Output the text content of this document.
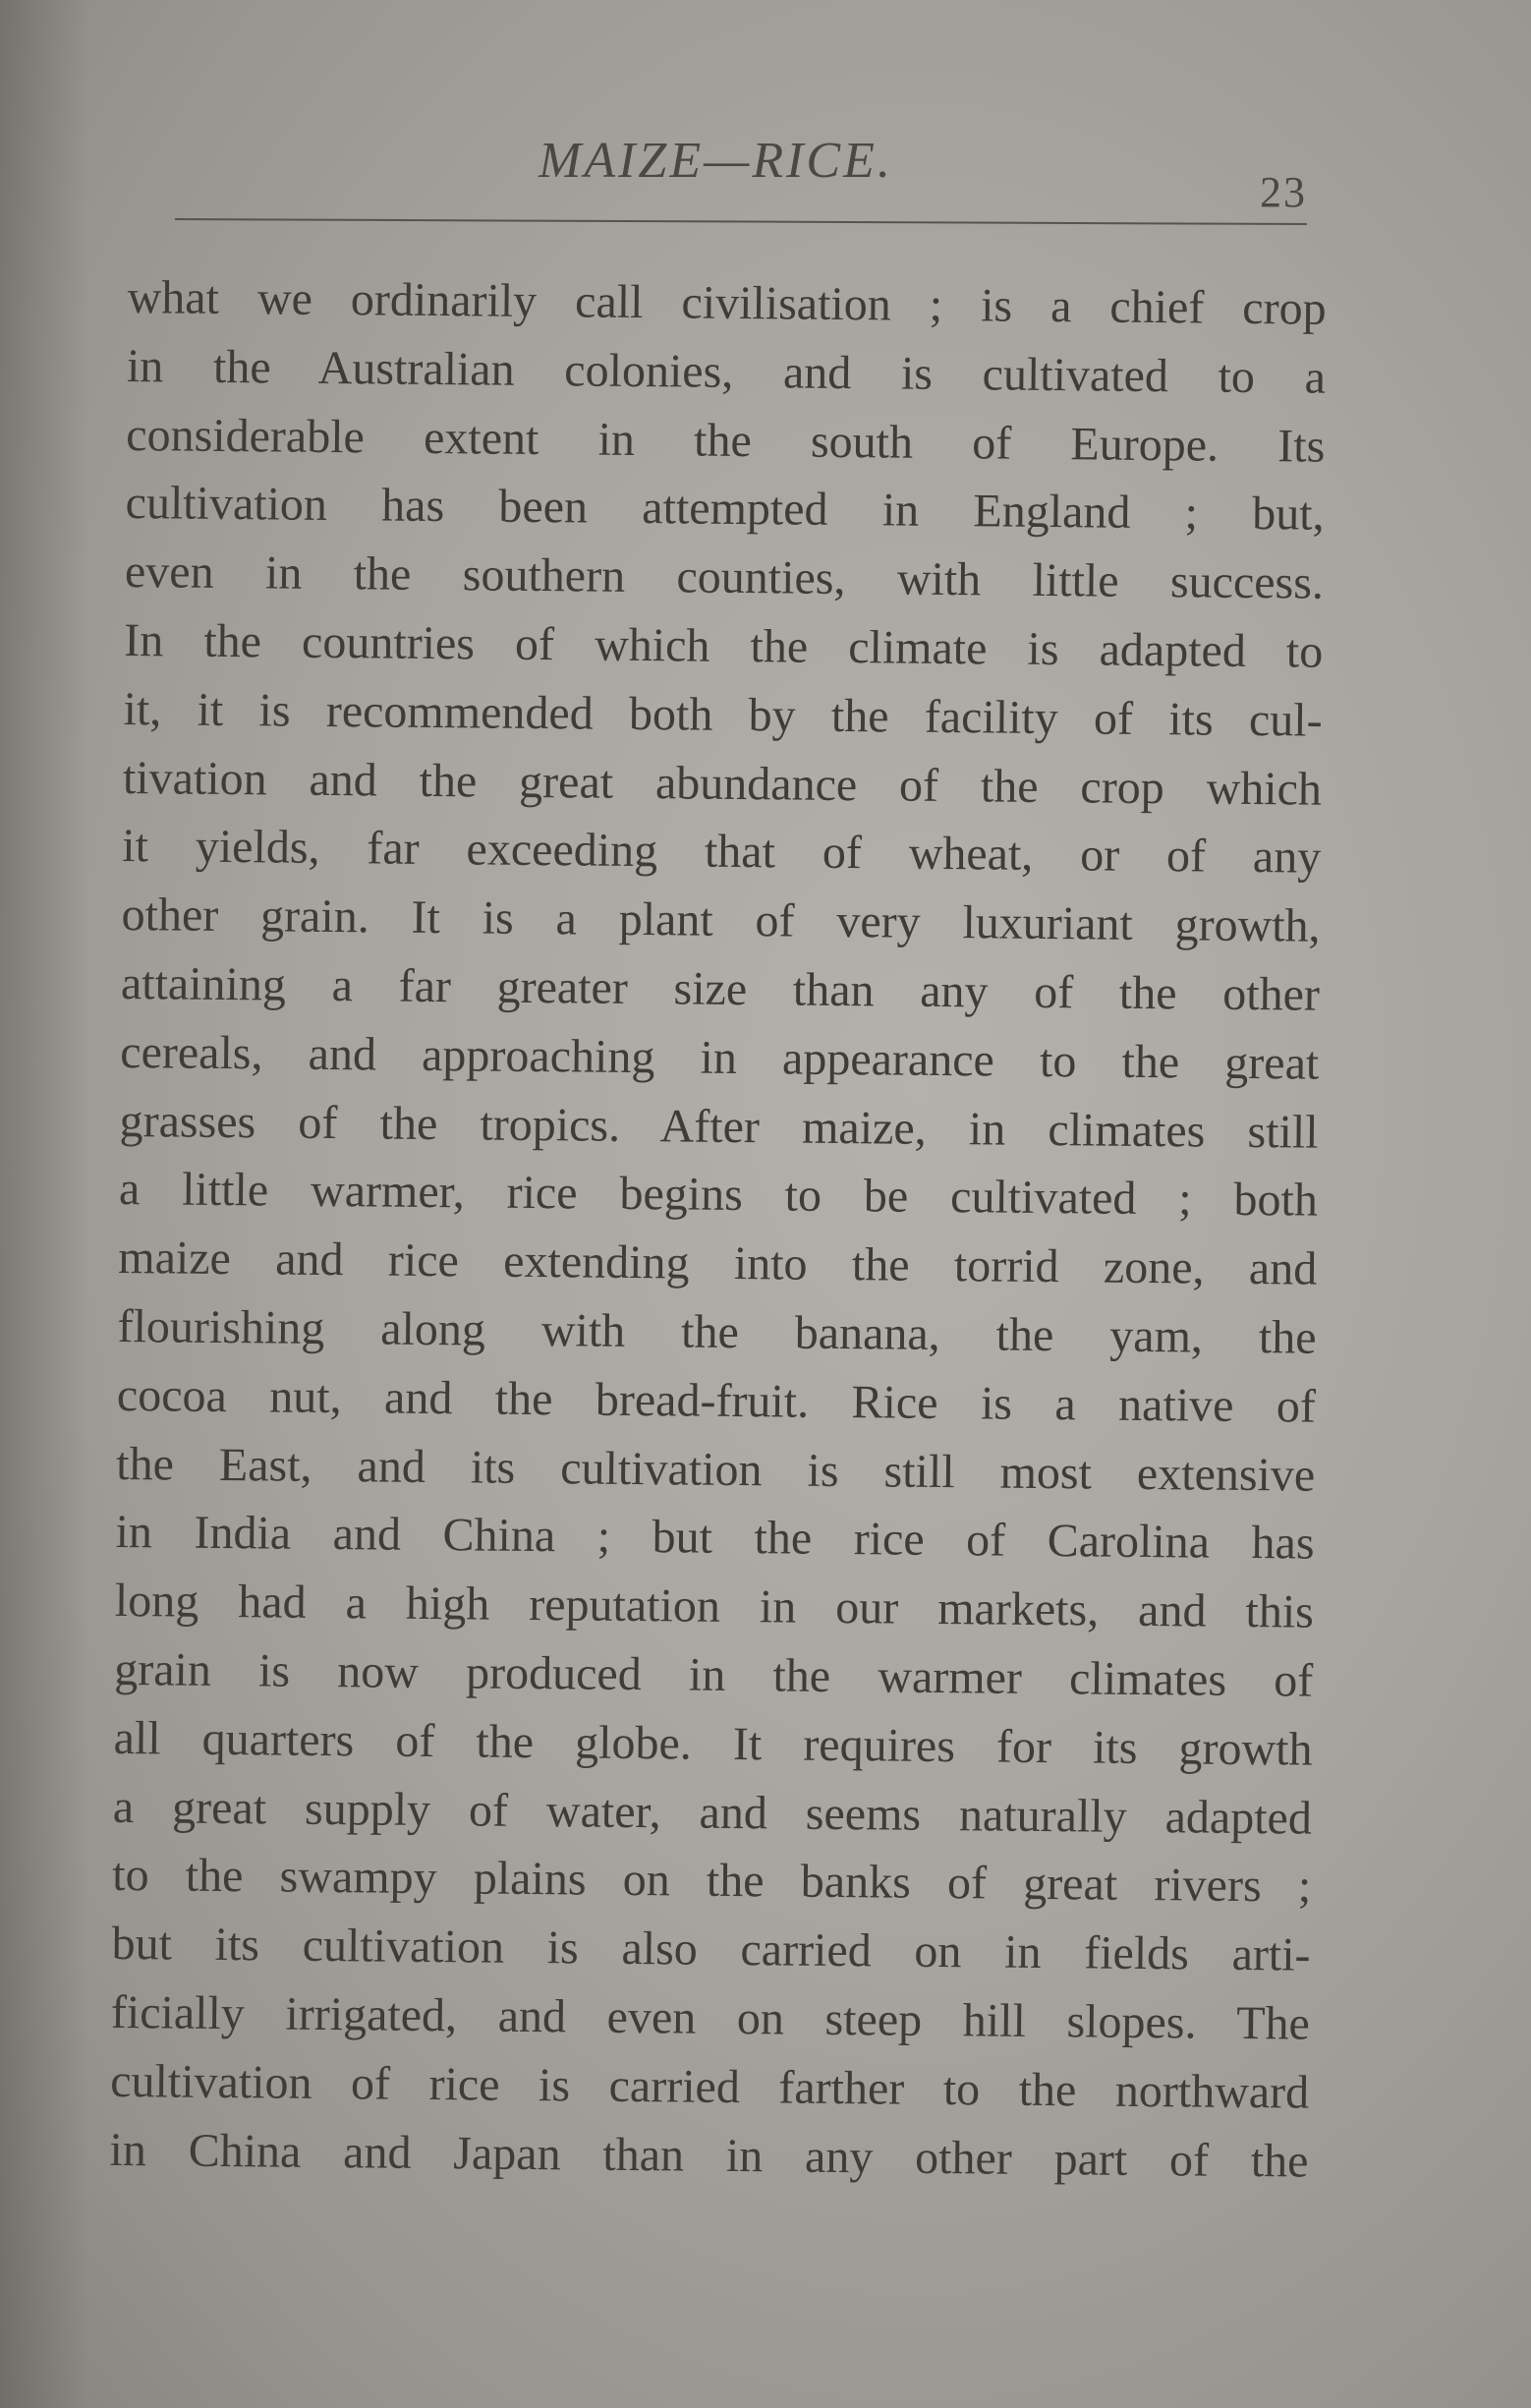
MAIZE—RICE.
23
what we ordinarily call civilisation ; is a chief crop
in the Australian colonies, and is cultivated to a
considerable extent in the south of Europe. Its
cultivation has been attempted in England ; but,
even in the southern counties, with little success.
In the countries of which the climate is adapted to
it, it is recommended both by the facility of its cul-
tivation and the great abundance of the crop which
it yields, far exceeding that of wheat, or of any
other grain. It is a plant of very luxuriant growth,
attaining a far greater size than any of the other
cereals, and approaching in appearance to the great
grasses of the tropics. After maize, in climates still
a little warmer, rice begins to be cultivated ; both
maize and rice extending into the torrid zone, and
flourishing along with the banana, the yam, the
cocoa nut, and the bread-fruit. Rice is a native of
the East, and its cultivation is still most extensive
in India and China ; but the rice of Carolina has
long had a high reputation in our markets, and this
grain is now produced in the warmer climates of
all quarters of the globe. It requires for its growth
a great supply of water, and seems naturally adapted
to the swampy plains on the banks of great rivers ;
but its cultivation is also carried on in fields arti-
ficially irrigated, and even on steep hill slopes. The
cultivation of rice is carried farther to the northward
in China and Japan than in any other part of the
